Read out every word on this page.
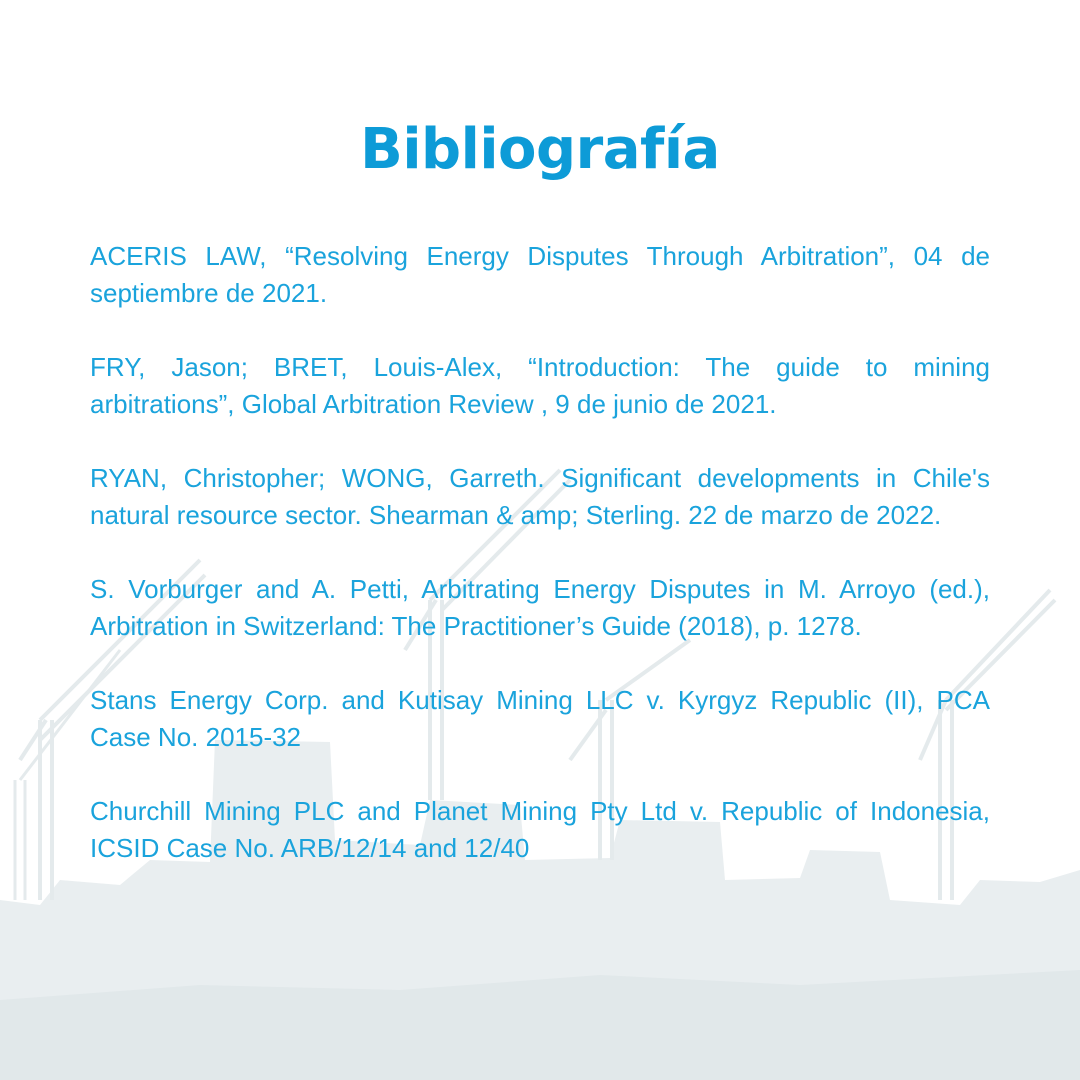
Bibliografía

ACERIS LAW, “Resolving Energy Disputes Through Arbitration”, 04 de septiembre de 2021.

FRY, Jason; BRET, Louis-Alex, “Introduction: The guide to mining arbitrations”, Global Arbitration Review , 9 de junio de 2021.

RYAN, Christopher; WONG, Garreth. Significant developments in Chile's natural resource sector. Shearman & amp; Sterling. 22 de marzo de 2022.

S. Vorburger and A. Petti, Arbitrating Energy Disputes in M. Arroyo (ed.), Arbitration in Switzerland: The Practitioner’s Guide (2018), p. 1278.

Stans Energy Corp. and Kutisay Mining LLC v. Kyrgyz Republic (II), PCA Case No. 2015-32

Churchill Mining PLC and Planet Mining Pty Ltd v. Republic of Indonesia, ICSID Case No. ARB/12/14 and 12/40
